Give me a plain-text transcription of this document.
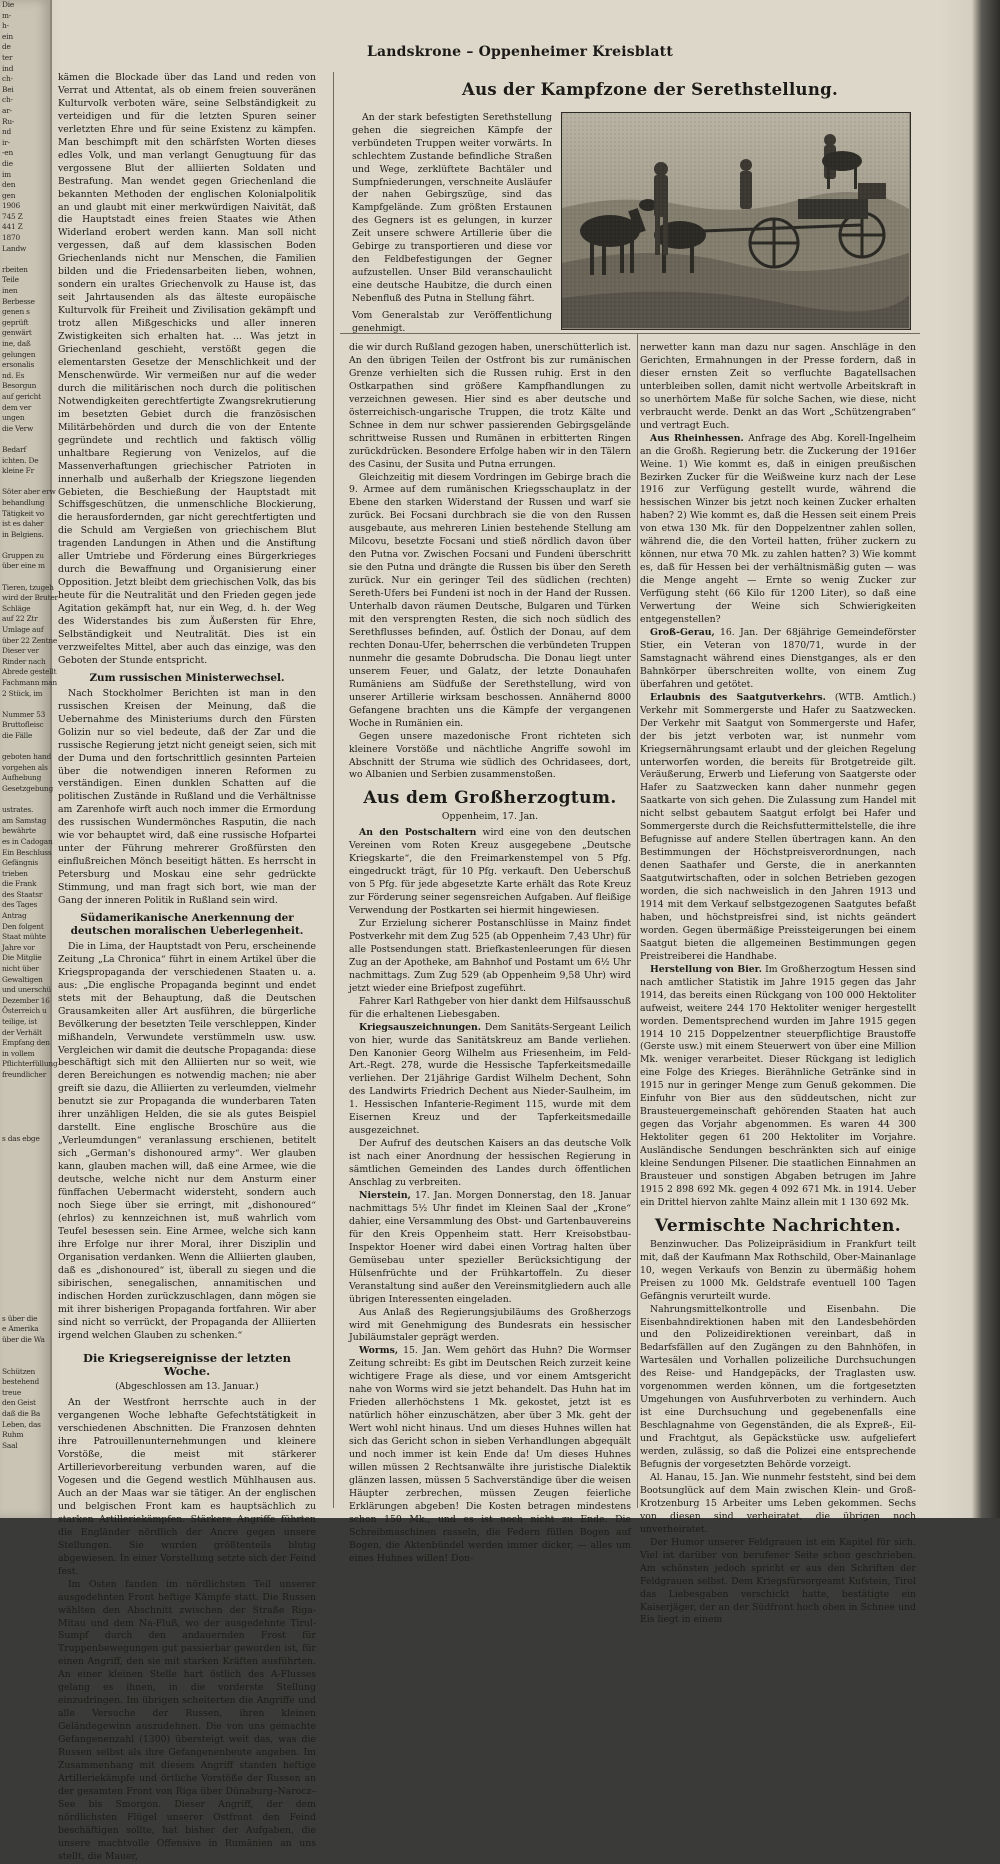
Die
m-
h-
ein
de
ter
ind
ch-
Bei
ch-
ar-
Ru-
nd
ir-
-en
die
im
den
gen
1906
745 Z
441 Z
1870
Landw

rbeiten
Teile
inen
Berbesse
genen s
geprüft
genwärt
ine, daß
gelungen
ersonalis
nd. Es
Besorgun
auf gericht
dem ver
ungen
die Verw

Bedarf
ichten. De
kleine Fr

Söter aber erw
behandlung
Tätigkeit vo
ist es daher
in Belgiens.

Gruppen zu
über eine m

Tieren, tzugeh
wird der Bruter
Schläge
auf 22 Ztr
Umlage auf
über 22 Zentne
Dieser ver
Rinder nach
Abrede gestellt
Fachmann man
2 Stück, im

Nummer 53
Bruttofleisc
die Fälle

geboten hand
vorgehen als
Aufhebung
Gesetzgebung

ustrates.
am Samstag
bewährte
es in Cadogan
Ein Beschluss
Gefängnis
trieben
die Frank
des Staatsr
des Tages
Antrag
Den folgent
Staat mühte
Jahre vor
Die Mitglie
nicht über
Gewaltigen
und unerschü
Dezember 16
Österreich u
teilige, ist
der Verhält
Empfang den
in vollem
Pflichterfüllung
freundlicher

s das ebge

s über die
e Amerika
über die Wa

Schützen
bestehend
treue
den Geist
daß die Ba
Leben, das
Ruhm
Saal

Landskrone – Oppenheimer Kreisblatt

kämen die Blockade über das Land und reden von Verrat und Attentat, als ob einem freien souveränen Kulturvolk verboten wäre, seine Selbständigkeit zu verteidigen und für die letzten Spuren seiner verletzten Ehre und für seine Existenz zu kämpfen. Man beschimpft mit den schärfsten Worten dieses edles Volk, und man verlangt Genugtuung für das vergossene Blut der alliierten Soldaten und Bestrafung. Man wendet gegen Griechenland die bekannten Methoden der englischen Kolonialpolitik an und glaubt mit einer merkwürdigen Naivität, daß die Hauptstadt eines freien Staates wie Athen Widerland erobert werden kann. Man soll nicht vergessen, daß auf dem klassischen Boden Griechenlands nicht nur Menschen, die Familien bilden und die Friedensarbeiten lieben, wohnen, sondern ein uraltes Griechenvolk zu Hause ist, das seit Jahrtausenden als das älteste europäische Kulturvolk für Freiheit und Zivilisation gekämpft und trotz allen Mißgeschicks und aller inneren Zwistigkeiten sich erhalten hat. ... Was jetzt in Griechenland geschieht, verstößt gegen die elementarsten Gesetze der Menschlichkeit und der Menschenwürde. Wir vermeißen nur auf die weder durch die militärischen noch durch die politischen Notwendigkeiten gerechtfertigte Zwangsrekrutierung im besetzten Gebiet durch die französischen Militärbehörden und durch die von der Entente gegründete und rechtlich und faktisch völlig unhaltbare Regierung von Venizelos, auf die Massenverhaftungen griechischer Patrioten in innerhalb und außerhalb der Kriegszone liegenden Gebieten, die Beschießung der Hauptstadt mit Schiffsgeschützen, die unmenschliche Blockierung, die herausfordernden, gar nicht gerechtfertigten und die Schuld am Vergießen von griechischem Blut tragenden Landungen in Athen und die Anstiftung aller Umtriebe und Förderung eines Bürgerkrieges durch die Bewaffnung und Organisierung einer Opposition. Jetzt bleibt dem griechischen Volk, das bis heute für die Neutralität und den Frieden gegen jede Agitation gekämpft hat, nur ein Weg, d. h. der Weg des Widerstandes bis zum Äußersten für Ehre, Selbständigkeit und Neutralität. Dies ist ein verzweifeltes Mittel, aber auch das einzige, was den Geboten der Stunde entspricht.

Zum russischen Ministerwechsel.

Nach Stockholmer Berichten ist man in den russischen Kreisen der Meinung, daß die Uebernahme des Ministeriums durch den Fürsten Golizin nur so viel bedeute, daß der Zar und die russische Regierung jetzt nicht geneigt seien, sich mit der Duma und den fortschrittlich gesinnten Parteien über die notwendigen inneren Reformen zu verständigen. Einen dunklen Schatten auf die politischen Zustände in Rußland und die Verhältnisse am Zarenhofe wirft auch noch immer die Ermordung des russischen Wundermönches Rasputin, die nach wie vor behauptet wird, daß eine russische Hofpartei unter der Führung mehrerer Großfürsten den einflußreichen Mönch beseitigt hätten. Es herrscht in Petersburg und Moskau eine sehr gedrückte Stimmung, und man fragt sich bort, wie man der Gang der inneren Politik in Rußland sein wird.

Südamerikanische Anerkennung der deutschen moralischen Ueberlegenheit.

Die in Lima, der Hauptstadt von Peru, erscheinende Zeitung „La Chronica“ führt in einem Artikel über die Kriegspropaganda der verschiedenen Staaten u. a. aus: „Die englische Propaganda beginnt und endet stets mit der Behauptung, daß die Deutschen Grausamkeiten aller Art ausführen, die bürgerliche Bevölkerung der besetzten Teile verschleppen, Kinder mißhandeln, Verwundete verstümmeln usw. usw. Vergleichen wir damit die deutsche Propaganda: diese beschäftigt sich mit den Alliierten nur so weit, wie deren Bereichungen es notwendig machen; nie aber greift sie dazu, die Alliierten zu verleumden, vielmehr benutzt sie zur Propaganda die wunderbaren Taten ihrer unzähligen Helden, die sie als gutes Beispiel darstellt. Eine englische Broschüre aus die „Verleumdungen“ veranlassung erschienen, betitelt sich „German's dishonoured army“. Wer glauben kann, glauben machen will, daß eine Armee, wie die deutsche, welche nicht nur dem Ansturm einer fünffachen Uebermacht widersteht, sondern auch noch Siege über sie erringt, mit „dishonoured“ (ehrlos) zu kennzeichnen ist, muß wahrlich vom Teufel besessen sein. Eine Armee, welche sich kann ihre Erfolge nur ihrer Moral, ihrer Disziplin und Organisation verdanken. Wenn die Alliierten glauben, daß es „dishonoured“ ist, überall zu siegen und die sibirischen, senegalischen, annamitischen und indischen Horden zurückzuschlagen, dann mögen sie mit ihrer bisherigen Propaganda fortfahren. Wir aber sind nicht so verrückt, der Propaganda der Alliierten irgend welchen Glauben zu schenken.“

Die Kriegsereignisse der letzten Woche.
(Abgeschlossen am 13. Januar.)

An der Westfront herrschte auch in der vergangenen Woche lebhafte Gefechtstätigkeit in verschiedenen Abschnitten. Die Franzosen dehnten ihre Patrouillenunternehmungen und kleinere Vorstöße, die meist mit stärkerer Artillerievorbereitung verbunden waren, auf die Vogesen und die Gegend westlich Mühlhausen aus. Auch an der Maas war sie tätiger. An der englischen und belgischen Front kam es hauptsächlich zu starken Artilleriekämpfen. Stärkere Angriffe führten die Engländer nördlich der Ancre gegen unsere Stellungen. Sie wurden größtenteils blutig abgewiesen. In einer Vorstellung setzte sich der Feind fest.

Im Osten fanden im nördlichsten Teil unserer ausgedehnten Front heftige Kämpfe statt. Die Russen wählten den Abschnitt zwischen der Straße Riga-Mitau und dem Na-Fluß, wo der ausgedehnte Tirul-Sumpf durch den andauernden Frost für Truppenbewegungen gut passierbar geworden ist, für einen Angriff, den sie mit starken Kräften ausführten. An einer kleinen Stelle hart östlich des A-Flusses gelang es ihnen, in die vorderste Stellung einzudringen. Im übrigen scheiterten die Angriffe und alle Versuche der Russen, ihren kleinen Geländegewinn auszudehnen. Die von uns gemachte Gefangenenzahl (1300) übersteigt weit das, was die Russen selbst als ihre Gefangenenbeute angeben. Im Zusammenhang mit diesem Angriff standen heftige Artilleriekämpfe und örtliche Vorstöße der Russen an der gesamten Front von Riga über Dünaburg–Narocz–See bis Smorgon. Dieser Angriff, der dem nördlichsten Flügel unserer Ostfront den Feind beschäftigen sollte, hat bisher der Aufgaben, die unsere machtvolle Offensive in Rumänien an uns stellt, die Mauer,

Aus der Kampfzone der Serethstellung.

An der stark befestigten Serethstellung gehen die siegreichen Kämpfe der verbündeten Truppen weiter vorwärts. In schlechtem Zustande befindliche Straßen und Wege, zerklüftete Bachtäler und Sumpfniederungen, verschneite Ausläufer der nahen Gebirgszüge, sind das Kampfgelände. Zum größten Erstaunen des Gegners ist es gelungen, in kurzer Zeit unsere schwere Artillerie über die Gebirge zu transportieren und diese vor den Feldbefestigungen der Gegner aufzustellen. Unser Bild veranschaulicht eine deutsche Haubitze, die durch einen Nebenfluß des Putna in Stellung fährt.

Vom Generalstab zur Veröffentlichung genehmigt.

die wir durch Rußland gezogen haben, unerschütterlich ist. An den übrigen Teilen der Ostfront bis zur rumänischen Grenze verhielten sich die Russen ruhig. Erst in den Ostkarpathen sind größere Kampfhandlungen zu verzeichnen gewesen. Hier sind es aber deutsche und österreichisch-ungarische Truppen, die trotz Kälte und Schnee in dem nur schwer passierenden Gebirgsgelände schrittweise Russen und Rumänen in erbitterten Ringen zurückdrücken. Besondere Erfolge haben wir in den Tälern des Casinu, der Susita und Putna errungen.

Gleichzeitig mit diesem Vordringen im Gebirge brach die 9. Armee auf dem rumänischen Kriegsschauplatz in der Ebene den starken Widerstand der Russen und warf sie zurück. Bei Focsani durchbrach sie die von den Russen ausgebaute, aus mehreren Linien bestehende Stellung am Milcovu, besetzte Focsani und stieß nördlich davon über den Putna vor. Zwischen Focsani und Fundeni überschritt sie den Putna und drängte die Russen bis über den Sereth zurück. Nur ein geringer Teil des südlichen (rechten) Sereth-Ufers bei Fundeni ist noch in der Hand der Russen. Unterhalb davon räumen Deutsche, Bulgaren und Türken mit den versprengten Resten, die sich noch südlich des Serethflusses befinden, auf. Östlich der Donau, auf dem rechten Donau-Ufer, beherrschen die verbündeten Truppen nunmehr die gesamte Dobrudscha. Die Donau liegt unter unserem Feuer, und Galatz, der letzte Donauhafen Rumäniens am Südfuße der Serethstellung, wird von unserer Artillerie wirksam beschossen. Annähernd 8000 Gefangene brachten uns die Kämpfe der vergangenen Woche in Rumänien ein.

Gegen unsere mazedonische Front richteten sich kleinere Vorstöße und nächtliche Angriffe sowohl im Abschnitt der Struma wie südlich des Ochridasees, dort, wo Albanien und Serbien zusammenstoßen.

Aus dem Großherzogtum.
Oppenheim, 17. Jan.

An den Postschaltern wird eine von den deutschen Vereinen vom Roten Kreuz ausgegebene „Deutsche Kriegskarte“, die den Freimarkenstempel von 5 Pfg. eingedruckt trägt, für 10 Pfg. verkauft. Den Ueberschuß von 5 Pfg. für jede abgesetzte Karte erhält das Rote Kreuz zur Förderung seiner segensreichen Aufgaben. Auf fleißige Verwendung der Postkarten sei hiermit hingewiesen.

Zur Erzielung sicherer Postanschlüsse in Mainz findet Postverkehr mit dem Zug 525 (ab Oppenheim 7,43 Uhr) für alle Postsendungen statt. Briefkastenleerungen für diesen Zug an der Apotheke, am Bahnhof und Postamt um 6½ Uhr nachmittags. Zum Zug 529 (ab Oppenheim 9,58 Uhr) wird jetzt wieder eine Briefpost zugeführt.

Fahrer Karl Rathgeber von hier dankt dem Hilfsausschuß für die erhaltenen Liebesgaben.

Kriegsauszeichnungen. Dem Sanitäts-Sergeant Leilich von hier, wurde das Sanitätskreuz am Bande verliehen. Den Kanonier Georg Wilhelm aus Friesenheim, im Feld-Art.-Regt. 278, wurde die Hessische Tapferkeitsmedaille verliehen. Der 21jährige Gardist Wilhelm Dechent, Sohn des Landwirts Friedrich Dechent aus Nieder-Saulheim, im 1. Hessischen Infanterie-Regiment 115, wurde mit dem Eisernen Kreuz und der Tapferkeitsmedaille ausgezeichnet.

Der Aufruf des deutschen Kaisers an das deutsche Volk ist nach einer Anordnung der hessischen Regierung in sämtlichen Gemeinden des Landes durch öffentlichen Anschlag zu verbreiten.

Nierstein, 17. Jan. Morgen Donnerstag, den 18. Januar nachmittags 5½ Uhr findet im Kleinen Saal der „Krone“ dahier, eine Versammlung des Obst- und Gartenbauvereins für den Kreis Oppenheim statt. Herr Kreisobstbau-Inspektor Hoener wird dabei einen Vortrag halten über Gemüsebau unter spezieller Berücksichtigung der Hülsenfrüchte und der Frühkartoffeln. Zu dieser Veranstaltung sind außer den Vereinsmitgliedern auch alle übrigen Interessenten eingeladen.

Aus Anlaß des Regierungsjubiläums des Großherzogs wird mit Genehmigung des Bundesrats ein hessischer Jubiläumstaler geprägt werden.

Worms, 15. Jan. Wem gehört das Huhn? Die Wormser Zeitung schreibt: Es gibt im Deutschen Reich zurzeit keine wichtigere Frage als diese, und vor einem Amtsgericht nahe von Worms wird sie jetzt behandelt. Das Huhn hat im Frieden allerhöchstens 1 Mk. gekostet, jetzt ist es natürlich höher einzuschätzen, aber über 3 Mk. geht der Wert wohl nicht hinaus. Und um dieses Huhnes willen hat sich das Gericht schon in sieben Verhandlungen abgequält und noch immer ist kein Ende da! Um dieses Huhnes willen müssen 2 Rechtsanwälte ihre juristische Dialektik glänzen lassen, müssen 5 Sachverständige über die weisen Häupter zerbrechen, müssen Zeugen feierliche Erklärungen abgeben! Die Kosten betragen mindestens schon 150 Mk., und es ist noch nicht zu Ende. Die Schreibmaschinen rasseln, die Federn füllen Bogen auf Bogen, die Aktenbündel werden immer dicker, — alles um eines Huhnes willen! Don-

nerwetter kann man dazu nur sagen. Anschläge in den Gerichten, Ermahnungen in der Presse fordern, daß in dieser ernsten Zeit so verfluchte Bagatellsachen unterbleiben sollen, damit nicht wertvolle Arbeitskraft in so unerhörtem Maße für solche Sachen, wie diese, nicht verbraucht werde. Denkt an das Wort „Schützengraben“ und vertragt Euch.

Aus Rheinhessen. Anfrage des Abg. Korell-Ingelheim an die Großh. Regierung betr. die Zuckerung der 1916er Weine. 1) Wie kommt es, daß in einigen preußischen Bezirken Zucker für die Weißweine kurz nach der Lese 1916 zur Verfügung gestellt wurde, während die hessischen Winzer bis jetzt noch keinen Zucker erhalten haben? 2) Wie kommt es, daß die Hessen seit einem Preis von etwa 130 Mk. für den Doppelzentner zahlen sollen, während die, die den Vorteil hatten, früher zuckern zu können, nur etwa 70 Mk. zu zahlen hatten? 3) Wie kommt es, daß für Hessen bei der verhältnismäßig guten — was die Menge angeht — Ernte so wenig Zucker zur Verfügung steht (66 Kilo für 1200 Liter), so daß eine Verwertung der Weine sich Schwierigkeiten entgegenstellen?

Groß-Gerau, 16. Jan. Der 68jährige Gemeindeförster Stier, ein Veteran von 1870/71, wurde in der Samstagnacht während eines Dienstganges, als er den Bahnkörper überschreiten wollte, von einem Zug überfahren und getötet.

Erlaubnis des Saatgutverkehrs. (WTB. Amtlich.) Verkehr mit Sommergerste und Hafer zu Saatzwecken. Der Verkehr mit Saatgut von Sommergerste und Hafer, der bis jetzt verboten war, ist nunmehr vom Kriegsernährungsamt erlaubt und der gleichen Regelung unterworfen worden, die bereits für Brotgetreide gilt. Veräußerung, Erwerb und Lieferung von Saatgerste oder Hafer zu Saatzwecken kann daher nunmehr gegen Saatkarte von sich gehen. Die Zulassung zum Handel mit nicht selbst gebautem Saatgut erfolgt bei Hafer und Sommergerste durch die Reichsfuttermittelstelle, die ihre Befugnisse auf andere Stellen übertragen kann. An den Bestimmungen der Höchstpreisverordnungen, nach denen Saathafer und Gerste, die in anerkannten Saatgutwirtschaften, oder in solchen Betrieben gezogen worden, die sich nachweislich in den Jahren 1913 und 1914 mit dem Verkauf selbstgezogenen Saatgutes befaßt haben, und höchstpreisfrei sind, ist nichts geändert worden. Gegen übermäßige Preissteigerungen bei einem Saatgut bieten die allgemeinen Bestimmungen gegen Preistreiberei die Handhabe.

Herstellung von Bier. Im Großherzogtum Hessen sind nach amtlicher Statistik im Jahre 1915 gegen das Jahr 1914, das bereits einen Rückgang von 100 000 Hektoliter aufweist, weitere 244 170 Hektoliter weniger hergestellt worden. Dementsprechend wurden im Jahre 1915 gegen 1914 10 215 Doppelzentner steuerpflichtige Braustoffe (Gerste usw.) mit einem Steuerwert von über eine Million Mk. weniger verarbeitet. Dieser Rückgang ist lediglich eine Folge des Krieges. Bierähnliche Getränke sind in 1915 nur in geringer Menge zum Genuß gekommen. Die Einfuhr von Bier aus den süddeutschen, nicht zur Brausteuergemeinschaft gehörenden Staaten hat auch gegen das Vorjahr abgenommen. Es waren 44 300 Hektoliter gegen 61 200 Hektoliter im Vorjahre. Ausländische Sendungen beschränkten sich auf einige kleine Sendungen Pilsener. Die staatlichen Einnahmen an Brausteuer und sonstigen Abgaben betrugen im Jahre 1915 2 898 692 Mk. gegen 4 092 671 Mk. in 1914. Ueber ein Drittel hiervon zahlte Mainz allein mit 1 130 692 Mk.

Vermischte Nachrichten.

Benzinwucher. Das Polizeipräsidium in Frankfurt teilt mit, daß der Kaufmann Max Rothschild, Ober-Mainanlage 10, wegen Verkaufs von Benzin zu übermäßig hohem Preisen zu 1000 Mk. Geldstrafe eventuell 100 Tagen Gefängnis verurteilt wurde.

Nahrungsmittelkontrolle und Eisenbahn. Die Eisenbahndirektionen haben mit den Landesbehörden und den Polizeidirektionen vereinbart, daß in Bedarfsfällen auf den Zugängen zu den Bahnhöfen, in Wartesälen und Vorhallen polizeiliche Durchsuchungen des Reise- und Handgepäcks, der Traglasten usw. vorgenommen werden können, um die fortgesetzten Umgehungen von Ausfuhrverboten zu verhindern. Auch ist eine Durchsuchung und gegebenenfalls eine Beschlagnahme von Gegenständen, die als Expreß-, Eil- und Frachtgut, als Gepäckstücke usw. aufgeliefert werden, zulässig, so daß die Polizei eine entsprechende Befugnis der vorgesetzten Behörde vorzeigt.

Al. Hanau, 15. Jan. Wie nunmehr feststeht, sind bei dem Bootsunglück auf dem Main zwischen Klein- und Groß-Krotzenburg 15 Arbeiter ums Leben gekommen. Sechs von diesen sind verheiratet, die übrigen noch unverheiratet.

Der Humor unserer Feldgrauen ist ein Kapitel für sich. Viel ist darüber von berufener Seite schon geschrieben. Am schönsten jedoch spricht er aus den Schriften der Feldgrauen selbst. Dem Kriegsfürsorgeamt Kufstein, Tirol das Liebesgaben verschickt hatte, bestätigte ein Kaiserjäger, der an der Südfront hoch oben in Schnee und Eis liegt in einem
